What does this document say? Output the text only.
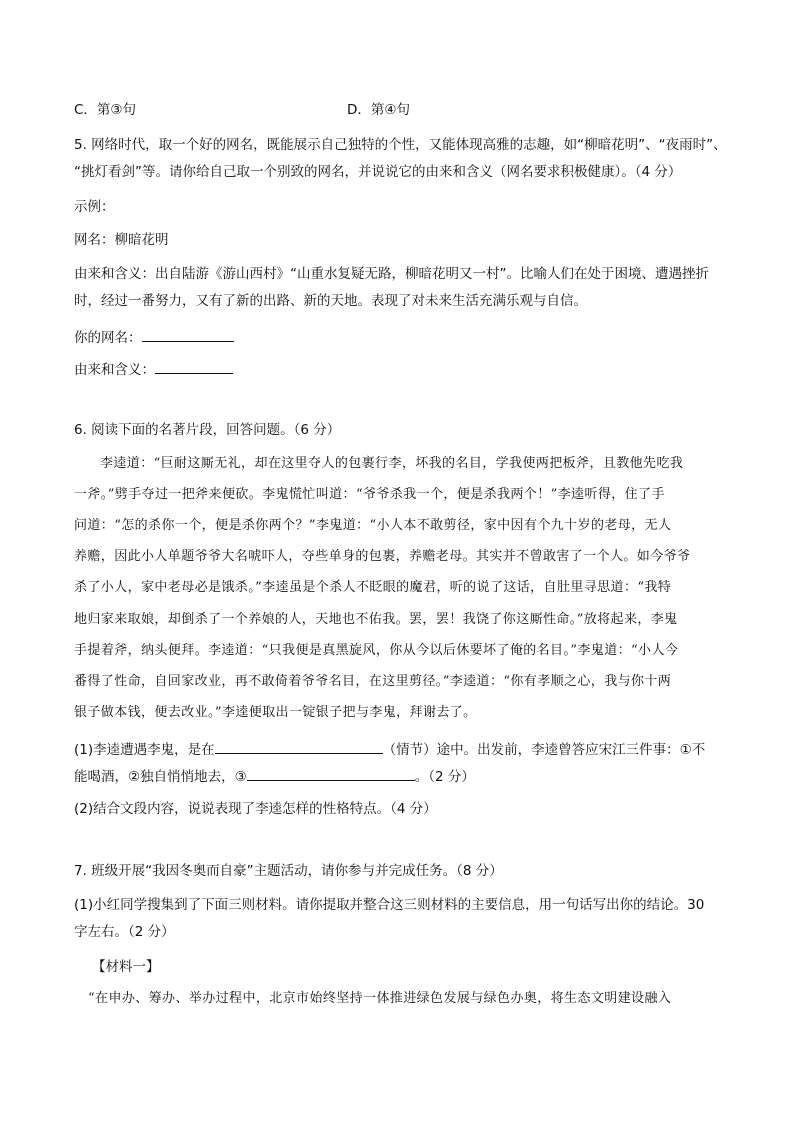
C．第③句	D．第④句
5. 网络时代，取一个好的网名，既能展示自己独特的个性，又能体现高雅的志趣，如“柳暗花明”、“夜雨时”、
“挑灯看剑”等。请你给自己取一个别致的网名，并说说它的由来和含义（网名要求积极健康）。（4 分）
示例：
网名：柳暗花明
由来和含义：出自陆游《游山西村》“山重水复疑无路，柳暗花明又一村”。比喻人们在处于困境、遭遇挫折
时，经过一番努力，又有了新的出路、新的天地。表现了对未来生活充满乐观与自信。
你的网名：
由来和含义：
6. 阅读下面的名著片段，回答问题。（6 分）
李逵道：“巨耐这厮无礼，却在这里夺人的包裹行李，坏我的名目，学我使两把板斧，且教他先吃我
一斧。”劈手夺过一把斧来便砍。李鬼慌忙叫道：“爷爷杀我一个，便是杀我两个！”李逵听得，住了手
问道：“怎的杀你一个，便是杀你两个？”李鬼道：“小人本不敢剪径，家中因有个九十岁的老母，无人
养赡，因此小人单题爷爷大名唬吓人，夺些单身的包裹，养赡老母。其实并不曾敢害了一个人。如今爷爷
杀了小人，家中老母必是饿杀。”李逵虽是个杀人不眨眼的魔君，听的说了这话，自肚里寻思道：“我特
地归家来取娘，却倒杀了一个养娘的人，天地也不佑我。罢，罢！我饶了你这厮性命。”放将起来，李鬼
手提着斧，纳头便拜。李逵道：“只我便是真黑旋风，你从今以后休要坏了俺的名目。”李鬼道：“小人今
番得了性命，自回家改业，再不敢倚着爷爷名目，在这里剪径。”李逵道：“你有孝顺之心，我与你十两
银子做本钱，便去改业。”李逵便取出一锭银子把与李鬼，拜谢去了。
(1)李逵遭遇李鬼，是在	（情节）途中。出发前，李逵曾答应宋江三件事：①不
能喝酒，②独自悄悄地去，③	。（2 分）
(2)结合文段内容，说说表现了李逵怎样的性格特点。（4 分）
7. 班级开展“我因冬奥而自豪”主题活动，请你参与并完成任务。（8 分）
(1)小红同学搜集到了下面三则材料。请你提取并整合这三则材料的主要信息，用一句话写出你的结论。30
字左右。（2 分）
【材料一】
“在申办、筹办、举办过程中，北京市始终坚持一体推进绿色发展与绿色办奥，将生态文明建设融入
